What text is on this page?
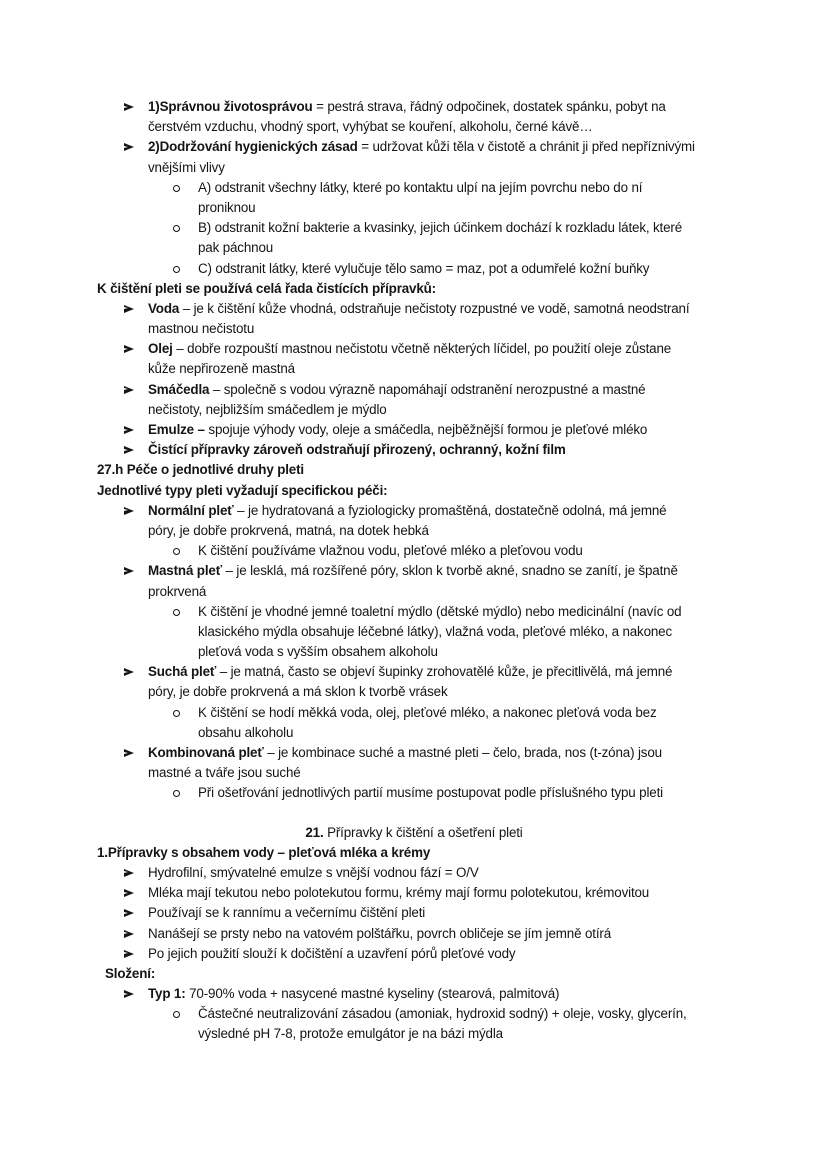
1)Správnou životosprávou = pestrá strava, řádný odpočinek, dostatek spánku, pobyt na
čerstvém vzduchu, vhodný sport, vyhýbat se kouření, alkoholu, černé kávě…
2)Dodržování hygienických zásad = udržovat kůži těla v čistotě a chránit ji před nepříznivými
vnějšími vlivy
A) odstranit všechny látky, které po kontaktu ulpí na jejím povrchu nebo do ní
proniknou
B) odstranit kožní bakterie a kvasinky, jejich účinkem dochází k rozkladu látek, které
pak páchnou
C) odstranit látky, které vylučuje tělo samo = maz, pot a odumřelé kožní buňky
K čištění pleti se používá celá řada čistících přípravků:
Voda – je k čištění kůže vhodná, odstraňuje nečistoty rozpustné ve vodě, samotná neodstraní
mastnou nečistotu
Olej – dobře rozpouští mastnou nečistotu včetně některých líčidel, po použití oleje zůstane
kůže nepřirozeně mastná
Smáčedla – společně s vodou výrazně napomáhají odstranění nerozpustné a mastné
nečistoty, nejbližším smáčedlem je mýdlo
Emulze – spojuje výhody vody, oleje a smáčedla, nejběžnější formou je pleťové mléko
Čistící přípravky zároveň odstraňují přirozený, ochranný, kožní film
27.h Péče o jednotlivé druhy pleti
Jednotlivé typy pleti vyžadují specifickou péči:
Normální pleť – je hydratovaná a fyziologicky promaštěná, dostatečně odolná, má jemné
póry, je dobře prokrvená, matná, na dotek hebká
K čištění používáme vlažnou vodu, pleťové mléko a pleťovou vodu
Mastná pleť – je lesklá, má rozšířené póry, sklon k tvorbě akné, snadno se zanítí, je špatně
prokrvená
K čištění je vhodné jemné toaletní mýdlo (dětské mýdlo) nebo medicinální (navíc od
klasického mýdla obsahuje léčebné látky), vlažná voda, pleťové mléko, a nakonec
pleťová voda s vyšším obsahem alkoholu
Suchá pleť – je matná, často se objeví šupinky zrohovatělé kůže, je přecitlivělá, má jemné
póry, je dobře prokrvená a má sklon k tvorbě vrásek
K čištění se hodí měkká voda, olej, pleťové mléko, a nakonec pleťová voda bez
obsahu alkoholu
Kombinovaná pleť – je kombinace suché a mastné pleti – čelo, brada, nos (t-zóna) jsou
mastné a tváře jsou suché
Při ošetřování jednotlivých partií musíme postupovat podle příslušného typu pleti
21. Přípravky k čištění a ošetření pleti
1.Přípravky s obsahem vody – pleťová mléka a krémy
Hydrofilní, smývatelné emulze s vnější vodnou fází = O/V
Mléka mají tekutou nebo polotekutou formu, krémy mají formu polotekutou, krémovitou
Používají se k rannímu a večernímu čištění pleti
Nanášejí se prsty nebo na vatovém polštářku, povrch obličeje se jím jemně otírá
Po jejich použití slouží k dočištění a uzavření pórů pleťové vody
Složení:
Typ 1: 70-90% voda + nasycené mastné kyseliny (stearová, palmitová)
Částečné neutralizování zásadou (amoniak, hydroxid sodný) + oleje, vosky, glycerín,
výsledné pH 7-8, protože emulgátor je na bázi mýdla
